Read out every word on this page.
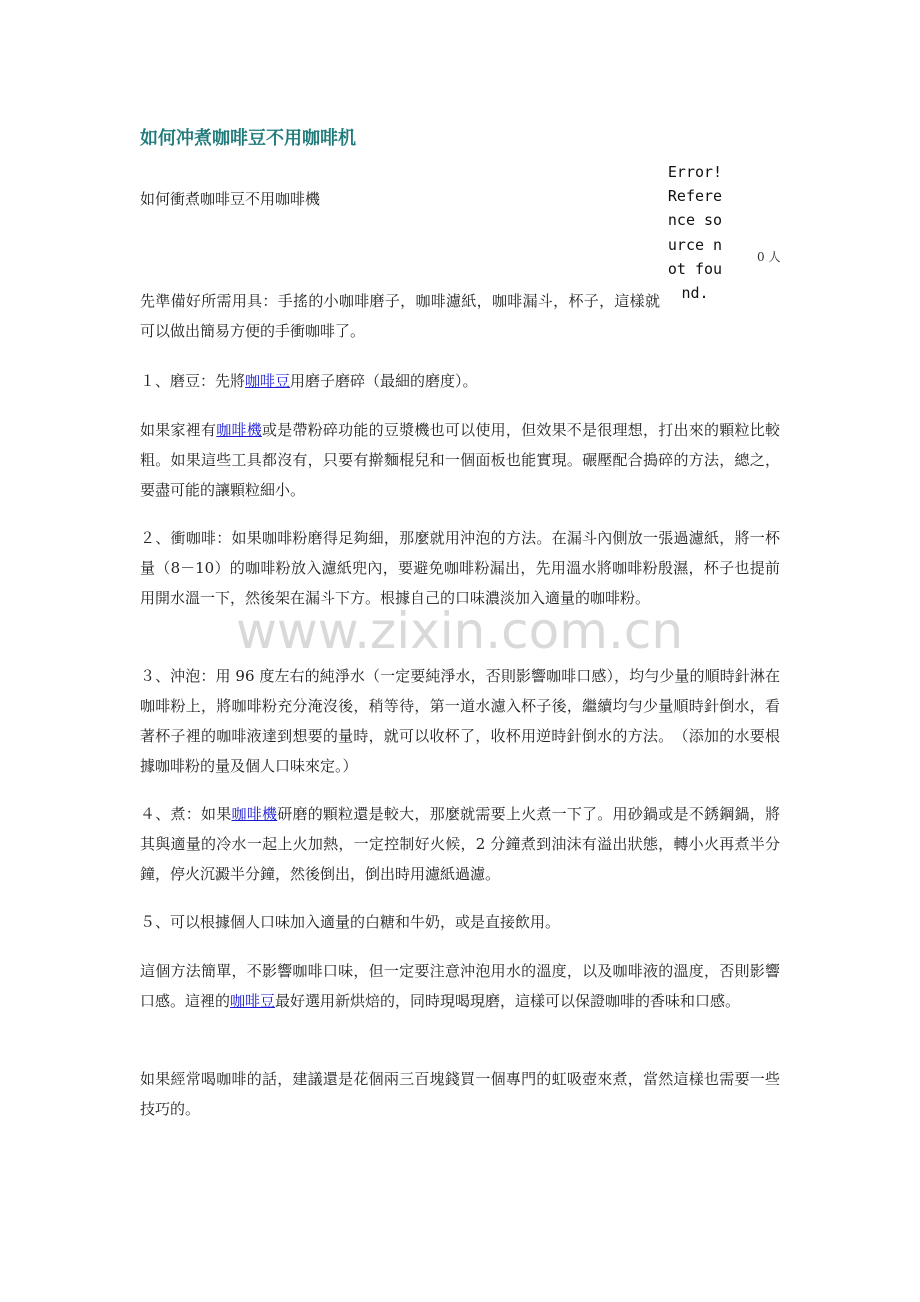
www.zixin.com.cn
如何冲煮咖啡豆不用咖啡机
如何衝煮咖啡豆不用咖啡機
Error! Reference source not found.
0 人

先準備好所需用具：手搖的小咖啡磨子，咖啡濾紙，咖啡漏斗，杯子，這樣就可以做出簡易方便的手衝咖啡了。

１、磨豆：先將咖啡豆用磨子磨碎（最細的磨度）。

如果家裡有咖啡機或是帶粉碎功能的豆漿機也可以使用，但效果不是很理想，打出來的顆粒比較粗。如果這些工具都沒有，只要有擀麵棍兒和一個面板也能實現。碾壓配合搗碎的方法，總之，要盡可能的讓顆粒細小。

２、衝咖啡：如果咖啡粉磨得足夠細，那麼就用沖泡的方法。在漏斗內側放一張過濾紙，將一杯量（8－10）的咖啡粉放入濾紙兜內，要避免咖啡粉漏出，先用溫水將咖啡粉殷濕，杯子也提前用開水溫一下，然後架在漏斗下方。根據自己的口味濃淡加入適量的咖啡粉。

３、沖泡：用 96 度左右的純淨水（一定要純淨水，否則影響咖啡口感），均勻少量的順時針淋在咖啡粉上，將咖啡粉充分淹沒後，稍等待，第一道水濾入杯子後，繼續均勻少量順時針倒水，看著杯子裡的咖啡液達到想要的量時，就可以收杯了，收杯用逆時針倒水的方法。　（添加的水要根據咖啡粉的量及個人口味來定。）

４、煮：如果咖啡機研磨的顆粒還是較大，那麼就需要上火煮一下了。用砂鍋或是不銹鋼鍋，將其與適量的冷水一起上火加熱，一定控制好火候，2 分鐘煮到油沫有溢出狀態，轉小火再煮半分鐘，停火沉澱半分鐘，然後倒出，倒出時用濾紙過濾。

５、可以根據個人口味加入適量的白糖和牛奶，或是直接飲用。

這個方法簡單，不影響咖啡口味，但一定要注意沖泡用水的溫度，以及咖啡液的溫度，否則影響口感。這裡的咖啡豆最好選用新烘焙的，同時現喝現磨，這樣可以保證咖啡的香味和口感。

如果經常喝咖啡的話，建議還是花個兩三百塊錢買一個專門的虹吸壺來煮，當然這樣也需要一些技巧的。
